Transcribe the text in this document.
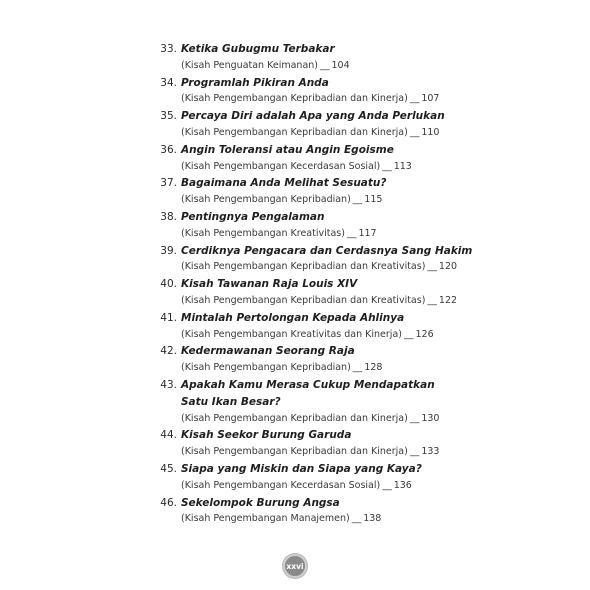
33. Ketika Gubugmu Terbakar
(Kisah Penguatan Keimanan) __ 104
34. Programlah Pikiran Anda
(Kisah Pengembangan Kepribadian dan Kinerja) __ 107
35. Percaya Diri adalah Apa yang Anda Perlukan
(Kisah Pengembangan Kepribadian dan Kinerja) __ 110
36. Angin Toleransi atau Angin Egoisme
(Kisah Pengembangan Kecerdasan Sosial) __ 113
37. Bagaimana Anda Melihat Sesuatu?
(Kisah Pengembangan Kepribadian) __ 115
38. Pentingnya Pengalaman
(Kisah Pengembangan Kreativitas) __ 117
39. Cerdiknya Pengacara dan Cerdasnya Sang Hakim
(Kisah Pengembangan Kepribadian dan Kreativitas) __ 120
40. Kisah Tawanan Raja Louis XIV
(Kisah Pengembangan Kepribadian dan Kreativitas) __ 122
41. Mintalah Pertolongan Kepada Ahlinya
(Kisah Pengembangan Kreativitas dan Kinerja) __ 126
42. Kedermawanan Seorang Raja
(Kisah Pengembangan Kepribadian) __ 128
43. Apakah Kamu Merasa Cukup Mendapatkan
Satu Ikan Besar?
(Kisah Pengembangan Kepribadian dan Kinerja) __ 130
44. Kisah Seekor Burung Garuda
(Kisah Pengembangan Kepribadian dan Kinerja) __ 133
45. Siapa yang Miskin dan Siapa yang Kaya?
(Kisah Pengembangan Kecerdasan Sosial) __ 136
46. Sekelompok Burung Angsa
(Kisah Pengembangan Manajemen) __ 138
xxvi
